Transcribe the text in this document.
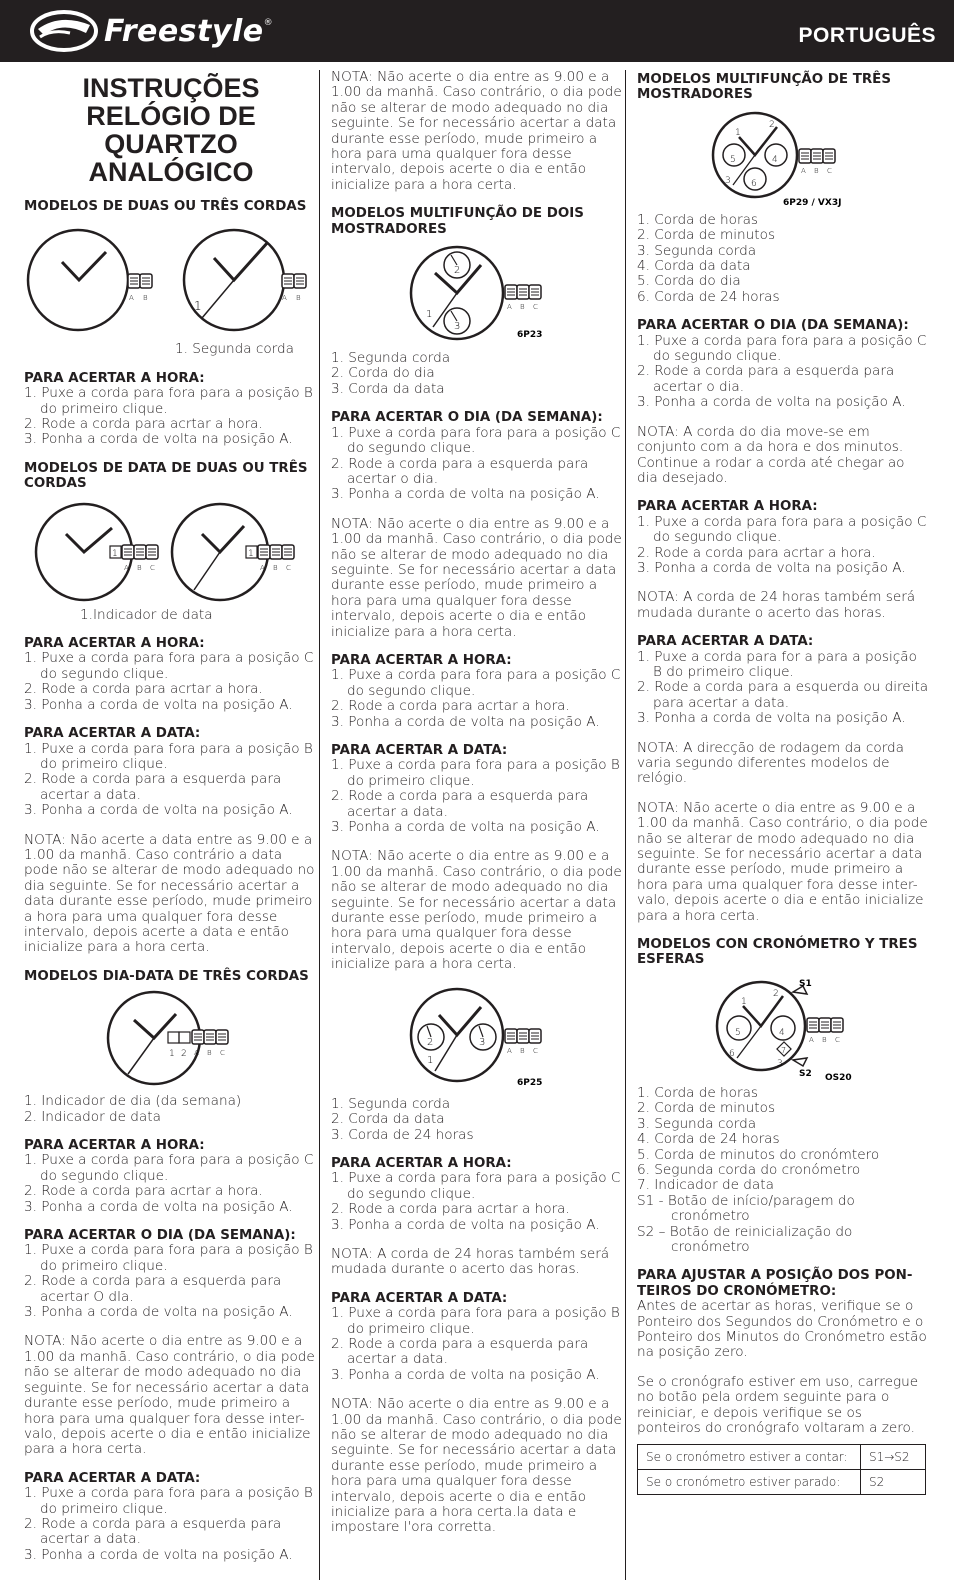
Freestyle ®
PORTUGUÊS
INSTRUÇÕES RELÓGIO DE QUARTZO ANALÓGICO
MODELOS DE DUAS OU TRÊS CORDAS
A B
1
A B

1. Segunda corda

PARA ACERTAR A HORA:
1. Puxe a corda para fora para a posição B do primeiro clique.
2. Rode a corda para acrtar a hora.
3. Ponha a corda de volta na posição A.
MODELOS DE DATA DE DUAS OU TRÊS CORDAS
1
A B C
1
A B C

1.Indicador de data

PARA ACERTAR A HORA:
1. Puxe a corda para fora para a posição C do segundo clique.
2. Rode a corda para acrtar a hora.
3. Ponha a corda de volta na posição A.
PARA ACERTAR A DATA:
1. Puxe a corda para fora para a posição B do primeiro clique.
2. Rode a corda para a esquerda para acertar a data.
3. Ponha a corda de volta na posição A.

NOTA: Não acerte a data entre as 9.00 e a 1.00 da manhã. Caso contrário a data pode não se alterar de modo adequado no dia seguinte. Se for necessário acertar a data durante esse período, mude primeiro a hora para uma qualquer fora desse intervalo, depois acerte a data e então inicialize para a hora certa.

MODELOS DIA-DATA DE TRÊS CORDAS
1 2 A B C

1. Indicador de dia (da semana)

2. Indicador de data

PARA ACERTAR A HORA:
1. Puxe a corda para fora para a posição C do segundo clique.
2. Rode a corda para acrtar a hora.
3. Ponha a corda de volta na posição A.
PARA ACERTAR O DIA (DA SEMANA):
1. Puxe a corda para fora para a posição B do primeiro clique.
2. Rode a corda para a esquerda para acertar O dIa.
3. Ponha a corda de volta na posição A.

NOTA: Não acerte o dia entre as 9.00 e a 1.00 da manhã. Caso contrário, o dia pode não se alterar de modo adequado no dia seguinte. Se for necessário acertar a data durante esse período, mude primeiro a hora para uma qualquer fora desse inter-valo, depois acerte o dia e então inicialize para a hora certa.

PARA ACERTAR A DATA:
1. Puxe a corda para fora para a posição B do primeiro clique.
2. Rode a corda para a esquerda para acertar a data.
3. Ponha a corda de volta na posição A.

NOTA: Não acerte o dia entre as 9.00 e a 1.00 da manhã. Caso contrário, o dia pode não se alterar de modo adequado no dia seguinte. Se for necessário acertar a data durante esse período, mude primeiro a hora para uma qualquer fora desse intervalo, depois acerte o dia e então inicialize para a hora certa.

MODELOS MULTIFUNÇÃO DE DOIS MOSTRADORES
2
3
1
A B C
6P23

1. Segunda corda

2. Corda do dia

3. Corda da data

PARA ACERTAR O DIA (DA SEMANA):
1. Puxe a corda para fora para a posição C do segundo clique.
2. Rode a corda para a esquerda para acertar o dia.
3. Ponha a corda de volta na posição A.

NOTA: Não acerte o dia entre as 9.00 e a 1.00 da manhã. Caso contrário, o dia pode não se alterar de modo adequado no dia seguinte. Se for necessário acertar a data durante esse período, mude primeiro a hora para uma qualquer fora desse intervalo, depois acerte o dia e então inicialize para a hora certa.

PARA ACERTAR A HORA:
1. Puxe a corda para fora para a posição C do segundo clique.
2. Rode a corda para acrtar a hora.
3. Ponha a corda de volta na posição A.
PARA ACERTAR A DATA:
1. Puxe a corda para fora para a posição B do primeiro clique.
2. Rode a corda para a esquerda para acertar a data.
3. Ponha a corda de volta na posição A.

NOTA: Não acerte o dia entre as 9.00 e a 1.00 da manhã. Caso contrário, o dia pode não se alterar de modo adequado no dia seguinte. Se for necessário acertar a data durante esse período, mude primeiro a hora para uma qualquer fora desse intervalo, depois acerte o dia e então inicialize para a hora certa.

2	3
1
A B C
6P25

1. Segunda corda

2. Corda da data

3. Corda de 24 horas

PARA ACERTAR A HORA:
1. Puxe a corda para fora para a posição C do segundo clique.
2. Rode a corda para acrtar a hora.
3. Ponha a corda de volta na posição A.

NOTA: A corda de 24 horas também será mudada durante o acerto das horas.

PARA ACERTAR A DATA:
1. Puxe a corda para fora para a posição B do primeiro clique.
2. Rode a corda para a esquerda para acertar a data.
3. Ponha a corda de volta na posição A.

NOTA: Não acerte o dia entre as 9.00 e a 1.00 da manhã. Caso contrário, o dia pode não se alterar de modo adequado no dia seguinte. Se for necessário acertar a data durante esse período, mude primeiro a hora para uma qualquer fora desse intervalo, depois acerte o dia e então inicialize para a hora certa.la data e impostare l'ora corretta.

MODELOS MULTIFUNÇÃO DE TRÊS MOSTRADORES
5	4
6
1
2
3
A B C
6P29 / VX3J

1. Corda de horas

2. Corda de minutos

3. Segunda corda

4. Corda da data

5. Corda do dia

6. Corda de 24 horas

PARA ACERTAR O DIA (DA SEMANA):
1. Puxe a corda para fora para a posição C do segundo clique.
2. Rode a corda para a esquerda para acertar o dia.
3. Ponha a corda de volta na posição A.

NOTA: A corda do dia move-se em conjunto com a da hora e dos minutos. Continue a rodar a corda até chegar ao dia desejado.

PARA ACERTAR A HORA:
1. Puxe a corda para fora para a posição C do segundo clique.
2. Rode a corda para acrtar a hora.
3. Ponha a corda de volta na posição A.

NOTA: A corda de 24 horas também será mudada durante o acerto das horas.

PARA ACERTAR A DATA:
1. Puxe a corda para for a para a posição B do primeiro clique.
2. Rode a corda para a esquerda ou direita para acertar a data.
3. Ponha a corda de volta na posição A.

NOTA: A direcção de rodagem da corda varia segundo diferentes modelos de relógio.

NOTA: Não acerte o dia entre as 9.00 e a 1.00 da manhã. Caso contrário, o dia pode não se alterar de modo adequado no dia seguinte. Se for necessário acertar a data durante esse período, mude primeiro a hora para uma qualquer fora desse inter-valo, depois acerte o dia e então inicialize para a hora certa.

MODELOS CON CRONÓMETRO Y TRES ESFERAS
S1
S2
5	4
7
1
2
6
3
A B C
OS20

1. Corda de horas

2. Corda de minutos

3. Segunda corda

4. Corda de 24 horas

5. Corda de minutos do cronómtero

6. Segunda corda do cronómetro

7. Indicador de data

S1 - Botão de início/paragem do cronómetro

S2 – Botão de reinicialização do cronómetro

PARA AJUSTAR A POSIÇÃO DOS PON-TEIROS DO CRONÓMETRO:

Antes de acertar as horas, verifique se o Ponteiro dos Segundos do Cronómetro e o Ponteiro dos Minutos do Cronómetro estão na posição zero.

Se o cronógrafo estiver em uso, carregue no botão pela ordem seguinte para o reiniciar, e depois verifique se os ponteiros do cronógrafo voltaram a zero.

Se o cronómetro estiver a contar:	S1→S2
Se o cronómetro estiver parado:	S2
